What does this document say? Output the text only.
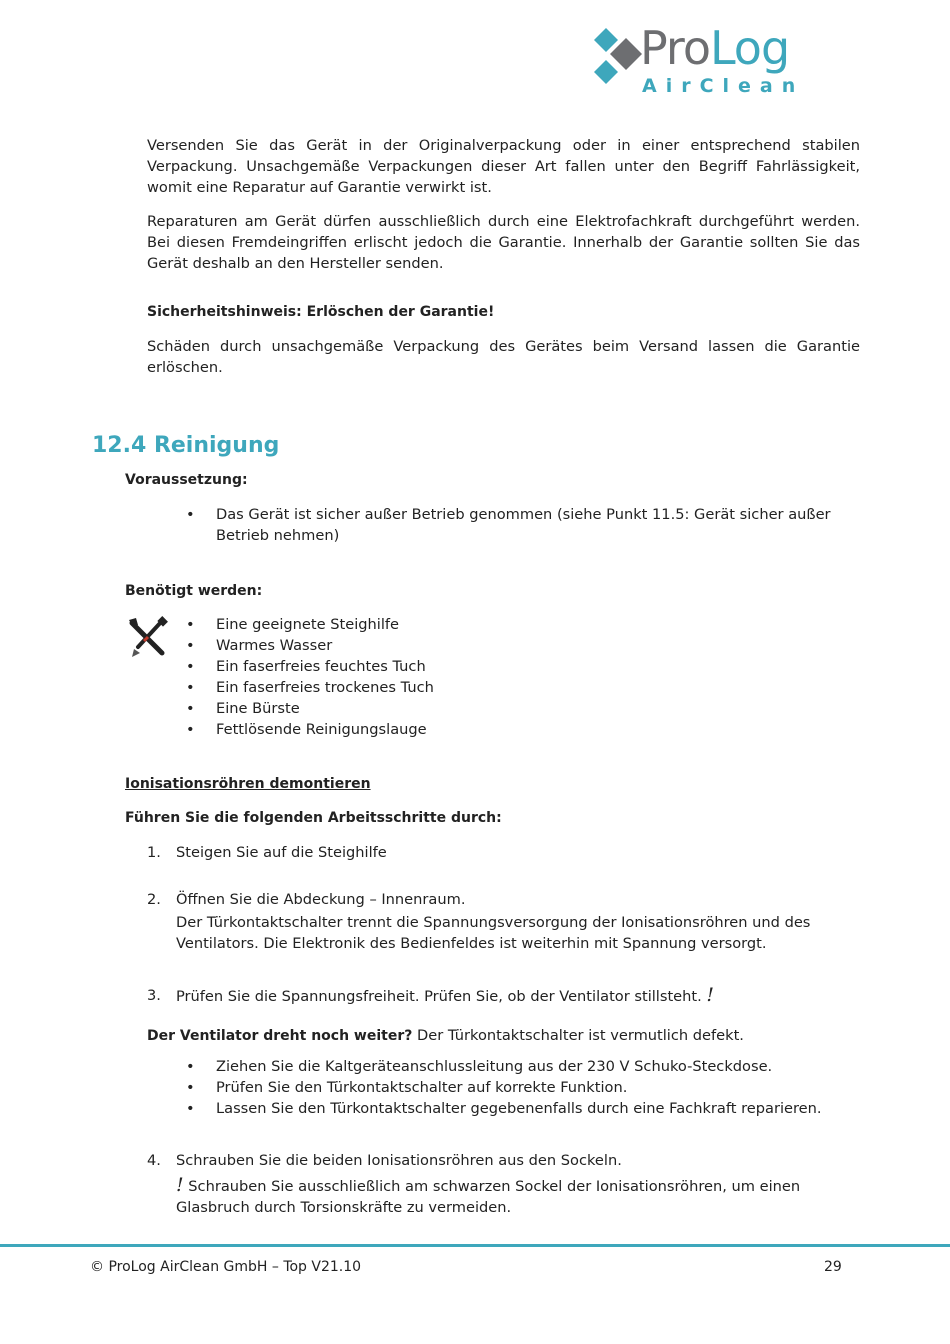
ProLog
AirClean

Versenden Sie das Gerät in der Originalverpackung oder in einer entsprechend stabilen Verpackung. Unsachgemäße Verpackungen dieser Art fallen unter den Begriff Fahrlässigkeit, womit eine Reparatur auf Garantie verwirkt ist.

Reparaturen am Gerät dürfen ausschließlich durch eine Elektrofachkraft durchgeführt werden. Bei diesen Fremdeingriffen erlischt jedoch die Garantie. Innerhalb der Garantie sollten Sie das Gerät deshalb an den Hersteller senden.

Sicherheitshinweis: Erlöschen der Garantie!

Schäden durch unsachgemäße Verpackung des Gerätes beim Versand lassen die Garantie erlöschen.

12.4 Reinigung

Voraussetzung:

• Das Gerät ist sicher außer Betrieb genommen (siehe Punkt 11.5: Gerät sicher außer Betrieb nehmen)

Benötigt werden:

• Eine geeignete Steighilfe
• Warmes Wasser
• Ein faserfreies feuchtes Tuch
• Ein faserfreies trockenes Tuch
• Eine Bürste
• Fettlösende Reinigungslauge

Ionisationsröhren demontieren

Führen Sie die folgenden Arbeitsschritte durch:

1. Steigen Sie auf die Steighilfe

2. Öffnen Sie die Abdeckung – Innenraum.

Der Türkontaktschalter trennt die Spannungsversorgung der Ionisationsröhren und des Ventilators. Die Elektronik des Bedienfeldes ist weiterhin mit Spannung versorgt.

3. Prüfen Sie die Spannungsfreiheit. Prüfen Sie, ob der Ventilator stillsteht. !

Der Ventilator dreht noch weiter? Der Türkontaktschalter ist vermutlich defekt.

• Ziehen Sie die Kaltgeräteanschlussleitung aus der 230 V Schuko-Steckdose.
• Prüfen Sie den Türkontaktschalter auf korrekte Funktion.
• Lassen Sie den Türkontaktschalter gegebenenfalls durch eine Fachkraft reparieren.
4. Schrauben Sie die beiden Ionisationsröhren aus den Sockeln.

! Schrauben Sie ausschließlich am schwarzen Sockel der Ionisationsröhren, um einen Glasbruch durch Torsionskräfte zu vermeiden.

© ProLog AirClean GmbH – Top V21.10	29
